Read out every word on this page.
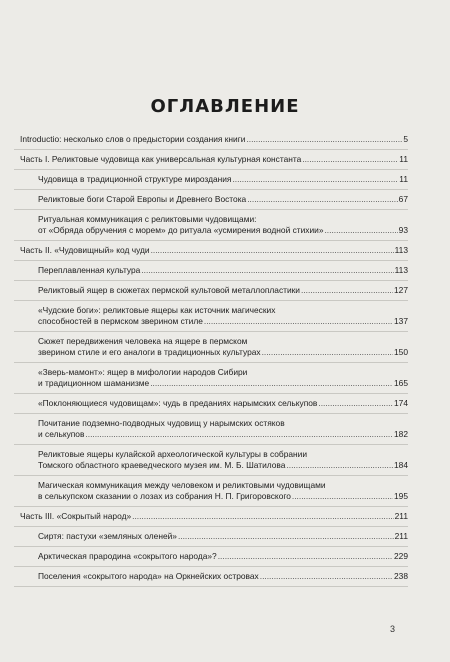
ОГЛАВЛЕНИЕ
Introductio: несколько слов о предыстории создания книги .....	5
Часть I. Реликтовые чудовища как универсальная культурная константа .....	11
Чудовища в традиционной структуре мироздания .....	11
Реликтовые боги Старой Европы и Древнего Востока .....	67
Ритуальная коммуникация с реликтовыми чудовищами:
от «Обряда обручения с морем» до ритуала «усмирения водной стихии» .....	93
Часть II. «Чудовищный» код чуди .....	113
Переплавленная культура .....	113
Реликтовый ящер в сюжетах пермской культовой металлопластики .....	127
«Чудские боги»: реликтовые ящеры как источник магических
способностей в пермском зверином стиле .....	137
Сюжет передвижения человека на ящере в пермском
зверином стиле и его аналоги в традиционных культурах .....	150
«Зверь-мамонт»: ящер в мифологии народов Сибири
и традиционном шаманизме .....	165
«Поклоняющиеся чудовищам»: чудь в преданиях нарымских селькупов .....	174
Почитание подземно-подводных чудовищ у нарымских остяков
и селькупов .....	182
Реликтовые ящеры кулайской археологической культуры в собрании
Томского областного краеведческого музея им. М. Б. Шатилова .....	184
Магическая коммуникация между человеком и реликтовыми чудовищами
в селькупском сказании о лозах из собрания Н. П. Григоровского .....	195
Часть III. «Сокрытый народ» .....	211
Сиртя: пастухи «земляных оленей» .....	211
Арктическая прародина «сокрытого народа»? .....	229
Поселения «сокрытого народа» на Оркнейских островах .....	238
3
